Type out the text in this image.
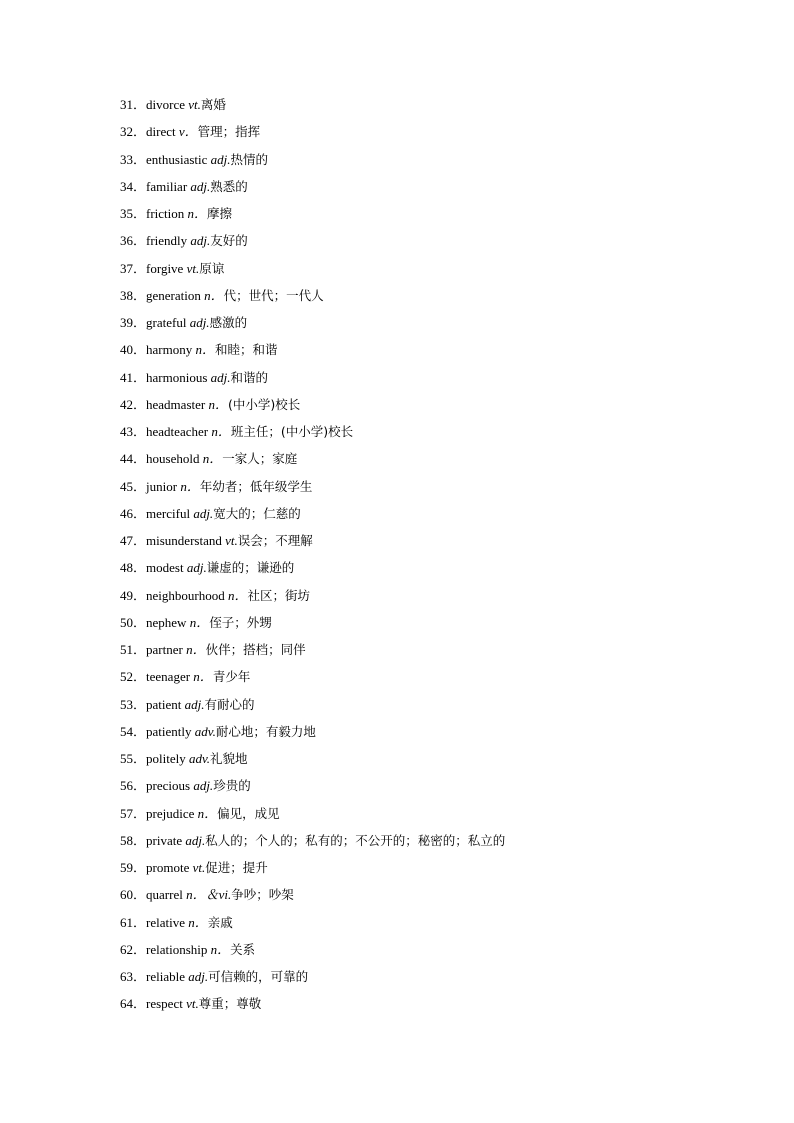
31．divorce vt.离婚
32．direct v．管理；指挥
33．enthusiastic adj.热情的
34．familiar adj.熟悉的
35．friction n．摩擦
36．friendly adj.友好的
37．forgive vt.原谅
38．generation n．代；世代；一代人
39．grateful adj.感激的
40．harmony n．和睦；和谐
41．harmonious adj.和谐的
42．headmaster n．(中小学)校长
43．headteacher n．班主任；(中小学)校长
44．household n．一家人；家庭
45．junior n．年幼者；低年级学生
46．merciful adj.宽大的；仁慈的
47．misunderstand vt.误会；不理解
48．modest adj.谦虚的；谦逊的
49．neighbourhood n．社区；街坊
50．nephew n．侄子；外甥
51．partner n．伙伴；搭档；同伴
52．teenager n．青少年
53．patient adj.有耐心的
54．patiently adv.耐心地；有毅力地
55．politely adv.礼貌地
56．precious adj.珍贵的
57．prejudice n．偏见，成见
58．private adj.私人的；个人的；私有的；不公开的；秘密的；私立的
59．promote vt.促进；提升
60．quarrel n．＆vi.争吵；吵架
61．relative n．亲戚
62．relationship n．关系
63．reliable adj.可信赖的，可靠的
64．respect vt.尊重；尊敬
